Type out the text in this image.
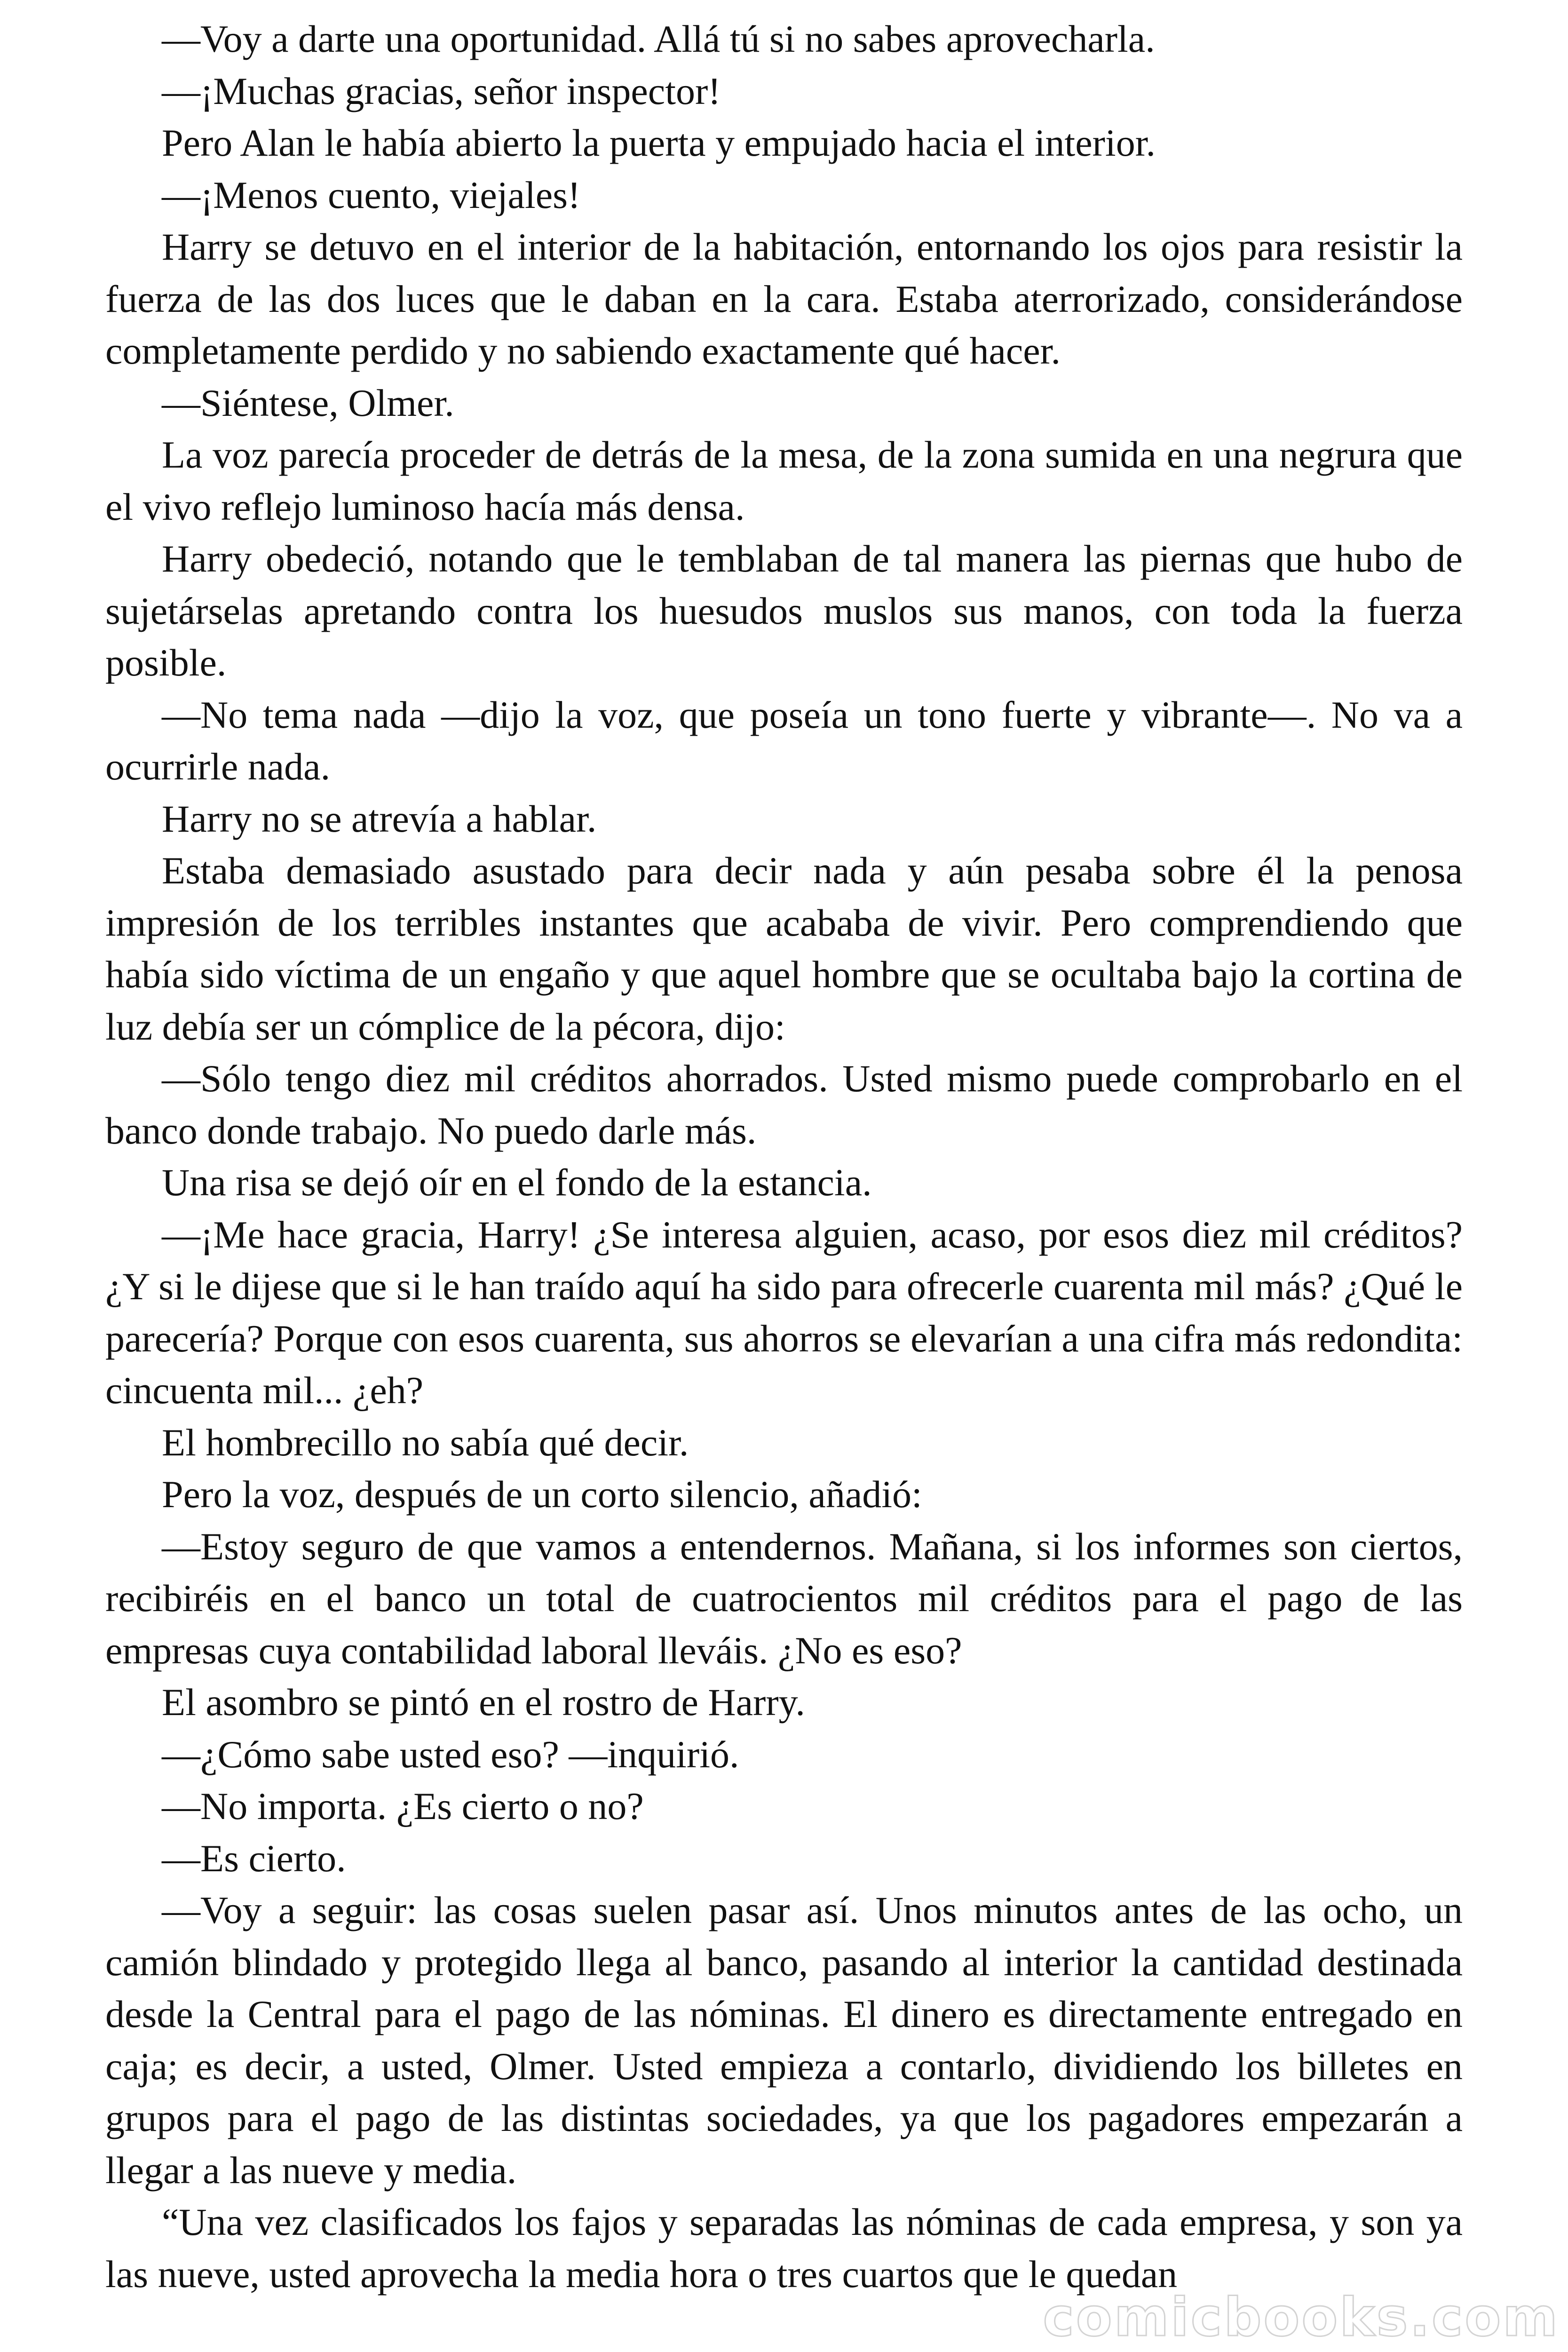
—Voy a darte una oportunidad. Allá tú si no sabes aprovecharla.

—¡Muchas gracias, señor inspector!

Pero Alan le había abierto la puerta y empujado hacia el interior.

—¡Menos cuento, viejales!

Harry se detuvo en el interior de la habitación, entornando los ojos para resistir la fuerza de las dos luces que le daban en la cara. Estaba aterrorizado, considerándose completamente perdido y no sabiendo exactamente qué hacer.

—Siéntese, Olmer.

La voz parecía proceder de detrás de la mesa, de la zona sumida en una negrura que el vivo reflejo luminoso hacía más densa.

Harry obedeció, notando que le temblaban de tal manera las piernas que hubo de sujetárselas apretando contra los huesudos muslos sus manos, con toda la fuerza posible.

—No tema nada —dijo la voz, que poseía un tono fuerte y vibrante—. No va a ocurrirle nada.

Harry no se atrevía a hablar.

Estaba demasiado asustado para decir nada y aún pesaba sobre él la penosa impresión de los terribles instantes que acababa de vivir. Pero comprendiendo que había sido víctima de un engaño y que aquel hombre que se ocultaba bajo la cortina de luz debía ser un cómplice de la pécora, dijo:

—Sólo tengo diez mil créditos ahorrados. Usted mismo puede comprobarlo en el banco donde trabajo. No puedo darle más.

Una risa se dejó oír en el fondo de la estancia.

—¡Me hace gracia, Harry! ¿Se interesa alguien, acaso, por esos diez mil créditos? ¿Y si le dijese que si le han traído aquí ha sido para ofrecerle cuarenta mil más? ¿Qué le parecería? Porque con esos cuarenta, sus ahorros se elevarían a una cifra más redondita: cincuenta mil... ¿eh?

El hombrecillo no sabía qué decir.

Pero la voz, después de un corto silencio, añadió:

—Estoy seguro de que vamos a entendernos. Mañana, si los informes son ciertos, recibiréis en el banco un total de cuatrocientos mil créditos para el pago de las empresas cuya contabilidad laboral lleváis. ¿No es eso?

El asombro se pintó en el rostro de Harry.

—¿Cómo sabe usted eso? —inquirió.

—No importa. ¿Es cierto o no?

—Es cierto.

—Voy a seguir: las cosas suelen pasar así. Unos minutos antes de las ocho, un camión blindado y protegido llega al banco, pasando al interior la cantidad destinada desde la Central para el pago de las nóminas. El dinero es directamente entregado en caja; es decir, a usted, Olmer. Usted empieza a contarlo, dividiendo los billetes en grupos para el pago de las distintas sociedades, ya que los pagadores empezarán a llegar a las nueve y media.

“Una vez clasificados los fajos y separadas las nóminas de cada empresa, y son ya las nueve, usted aprovecha la media hora o tres cuartos que le quedan

comicbooks.com
